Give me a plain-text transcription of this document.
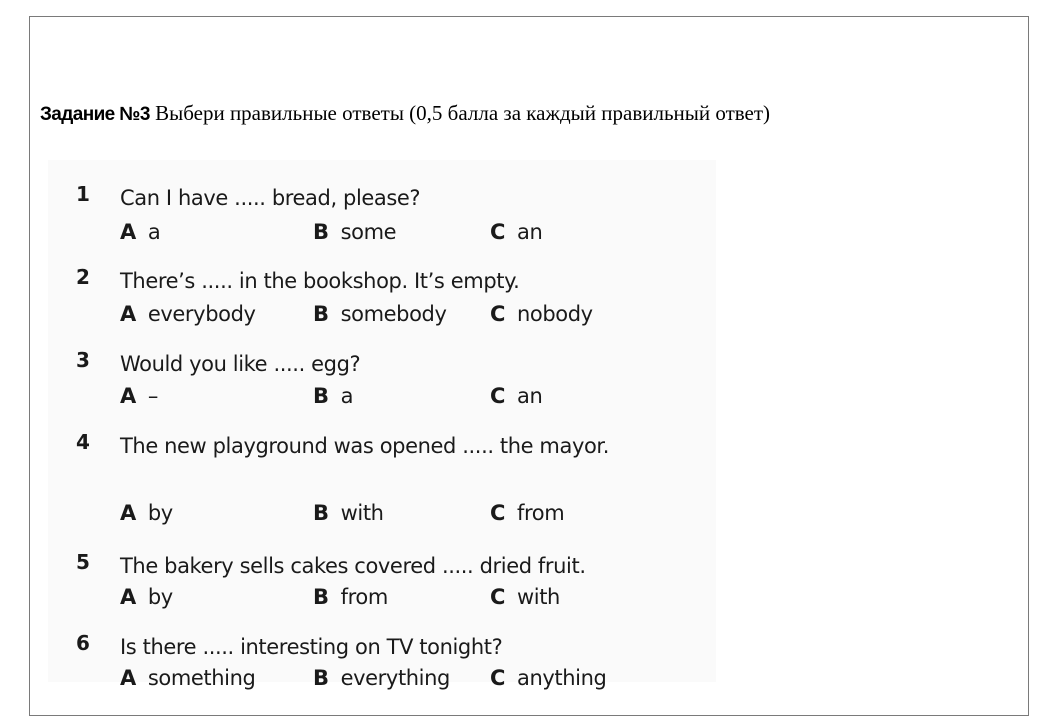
Задание №3 Выбери правильные ответы (0,5 балла за каждый правильный ответ)
1 Can I have ..... bread, please?
A a	B some	C an
2 There’s ..... in the bookshop. It’s empty.
A everybody	B somebody C nobody
3 Would you like ..... egg?
A –	B a	C an
4 The new playground was opened ..... the mayor.
A by	B with	C from
5 The bakery sells cakes covered ..... dried fruit.
A by	B from	C with
6 Is there ..... interesting on TV tonight?
A something	B everything C anything
